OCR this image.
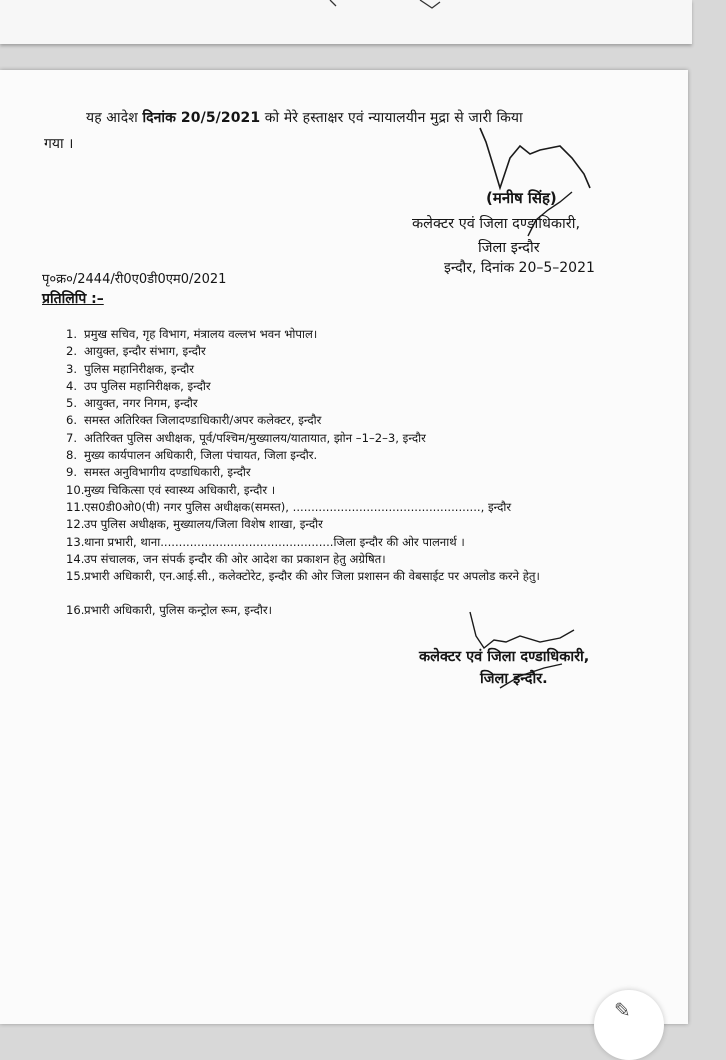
यह आदेश दिनांक 20/5/2021 को मेरे हस्ताक्षर एवं न्यायालयीन मुद्रा से जारी किया
गया ।
(मनीष सिंह)
कलेक्टर एवं जिला दण्डाधिकारी,
जिला इन्दौर
इन्दौर, दिनांक 20–5–2021
पृ०क्र०/2444/री0ए0डी0एम0/2021
प्रतिलिपि :–
1. प्रमुख सचिव, गृह विभाग, मंत्रालय वल्लभ भवन भोपाल।
2. आयुक्त, इन्दौर संभाग, इन्दौर
3. पुलिस महानिरीक्षक, इन्दौर
4. उप पुलिस महानिरीक्षक, इन्दौर
5. आयुक्त, नगर निगम, इन्दौर
6. समस्त अतिरिक्त जिलादण्डाधिकारी/अपर कलेक्टर, इन्दौर
7. अतिरिक्त पुलिस अधीक्षक, पूर्व/पश्चिम/मुख्यालय/यातायात, झोन –1–2–3, इन्दौर
8. मुख्य कार्यपालन अधिकारी, जिला पंचायत, जिला इन्दौर.
9. समस्त अनुविभागीय दण्डाधिकारी, इन्दौर
10. मुख्य चिकित्सा एवं स्वास्थ्य अधिकारी, इन्दौर ।
11. एस0डी0ओ0(पी) नगर पुलिस अधीक्षक(समस्त), ..................................................., इन्दौर
12. उप पुलिस अधीक्षक, मुख्यालय/जिला विशेष शाखा, इन्दौर
13. थाना प्रभारी, थाना...............................................जिला इन्दौर की ओर पालनार्थ ।
14. उप संचालक, जन संपर्क इन्दौर की ओर आदेश का प्रकाशन हेतु अग्रेषित।
15. प्रभारी अधिकारी, एन.आई.सी., कलेक्टोरेट, इन्दौर की ओर जिला प्रशासन की वेबसाईट पर अपलोड करने हेतु।
16. प्रभारी अधिकारी, पुलिस कन्ट्रोल रूम, इन्दौर।
कलेक्टर एवं जिला दण्डाधिकारी,
जिला इन्दौर.
✎
